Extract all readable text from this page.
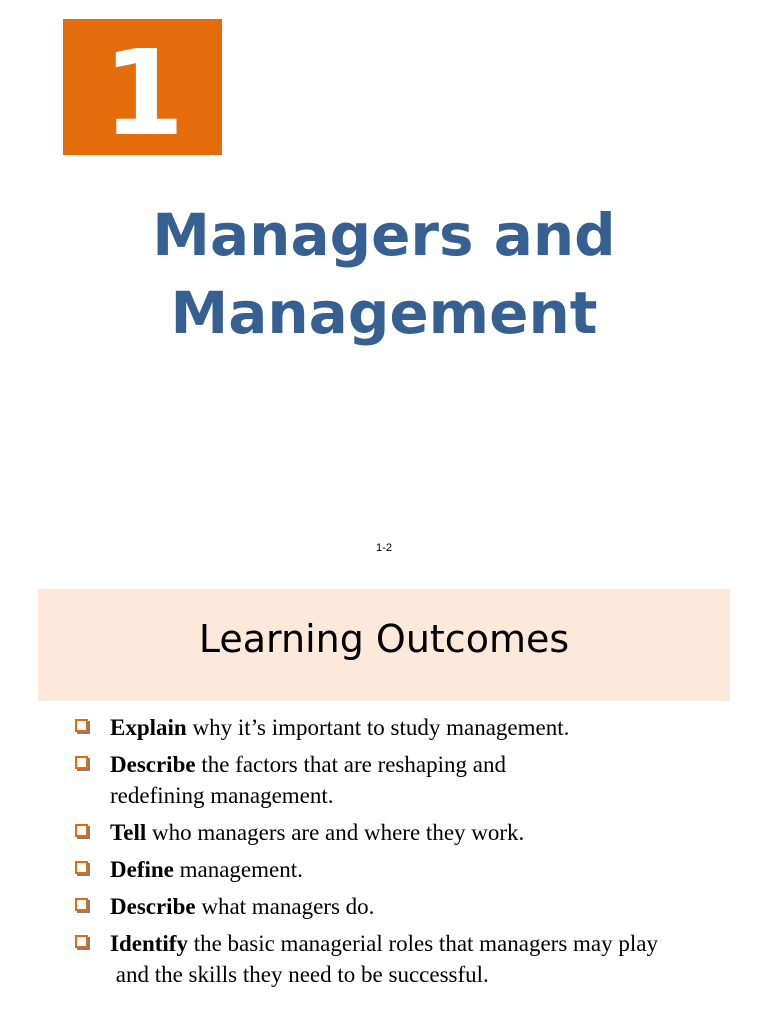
1
Managers and
Management
1-2
Learning Outcomes
Explain why it’s important to study management.
Describe the factors that are reshaping and
redefining management.
Tell who managers are and where they work.
Define management.
Describe what managers do.
Identify the basic managerial roles that managers may play
and the skills they need to be successful.
